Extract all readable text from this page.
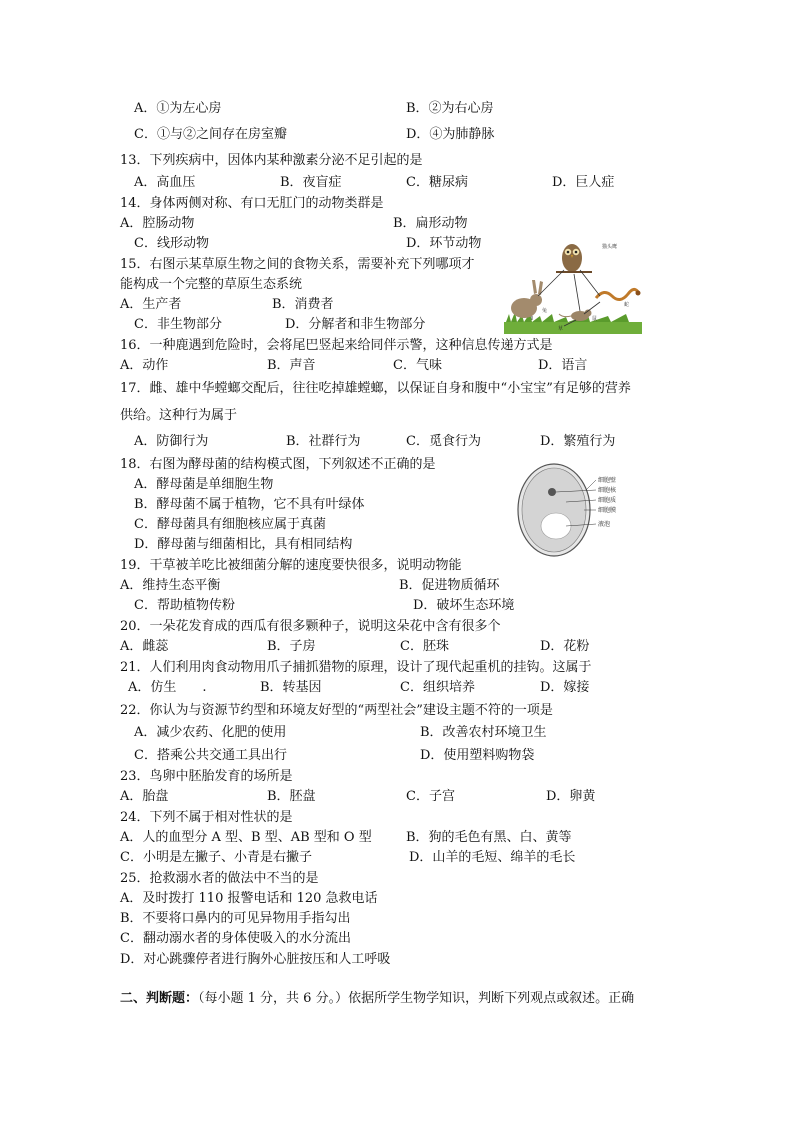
A．①为左心房	B．②为右心房
C．①与②之间存在房室瓣	D．④为肺静脉
13．下列疾病中，因体内某种激素分泌不足引起的是
A．高血压	B．夜盲症	C．糖尿病	D．巨人症
14．身体两侧对称、有口无肛门的动物类群是
A．腔肠动物	B．扁形动物
C．线形动物	D．环节动物
15．右图示某草原生物之间的食物关系，需要补充下列哪项才
能构成一个完整的草原生态系统
A．生产者	B．消费者
C．非生物部分	D．分解者和非生物部分
猫头鹰
蛇
兔
鼠
草
16．一种鹿遇到危险时，会将尾巴竖起来给同伴示警，这种信息传递方式是
A．动作	B．声音	C．气味	D．语言
17．雌、雄中华螳螂交配后，往往吃掉雄螳螂，以保证自身和腹中“小宝宝”有足够的营养
供给。这种行为属于
A．防御行为	B．社群行为	C．觅食行为	D．繁殖行为
18．右图为酵母菌的结构模式图，下列叙述不正确的是
A．酵母菌是单细胞生物
B．酵母菌不属于植物，它不具有叶绿体
C．酵母菌具有细胞核应属于真菌
D．酵母菌与细菌相比，具有相同结构
细胞壁
细胞核
细胞质
细胞膜
液泡
19．干草被羊吃比被细菌分解的速度要快很多，说明动物能
A．维持生态平衡	B．促进物质循环
C．帮助植物传粉	D．破坏生态环境
20．一朵花发育成的西瓜有很多颗种子，说明这朵花中含有很多个
A．雌蕊	B．子房	C．胚珠	D．花粉
21．人们利用肉食动物用爪子捕抓猎物的原理，设计了现代起重机的挂钩。这属于
A．仿生　　.	B．转基因	C．组织培养	D．嫁接
22．你认为与资源节约型和环境友好型的“两型社会”建设主题不符的一项是
A．减少农药、化肥的使用	B．改善农村环境卫生
C．搭乘公共交通工具出行	D．使用塑料购物袋
23．鸟卵中胚胎发育的场所是
A．胎盘	B．胚盘	C．子宫	D．卵黄
24．下列不属于相对性状的是
A．人的血型分 A 型、B 型、AB 型和 O 型	B．狗的毛色有黑、白、黄等
C．小明是左撇子、小青是右撇子	D．山羊的毛短、绵羊的毛长
25．抢救溺水者的做法中不当的是
A．及时拨打 110 报警电话和 120 急救电话
B．不要将口鼻内的可见异物用手指勾出
C．翻动溺水者的身体使吸入的水分流出
D．对心跳骤停者进行胸外心脏按压和人工呼吸
二、判断题：（每小题 1 分，共 6 分。）依据所学生物学知识，判断下列观点或叙述。正确
